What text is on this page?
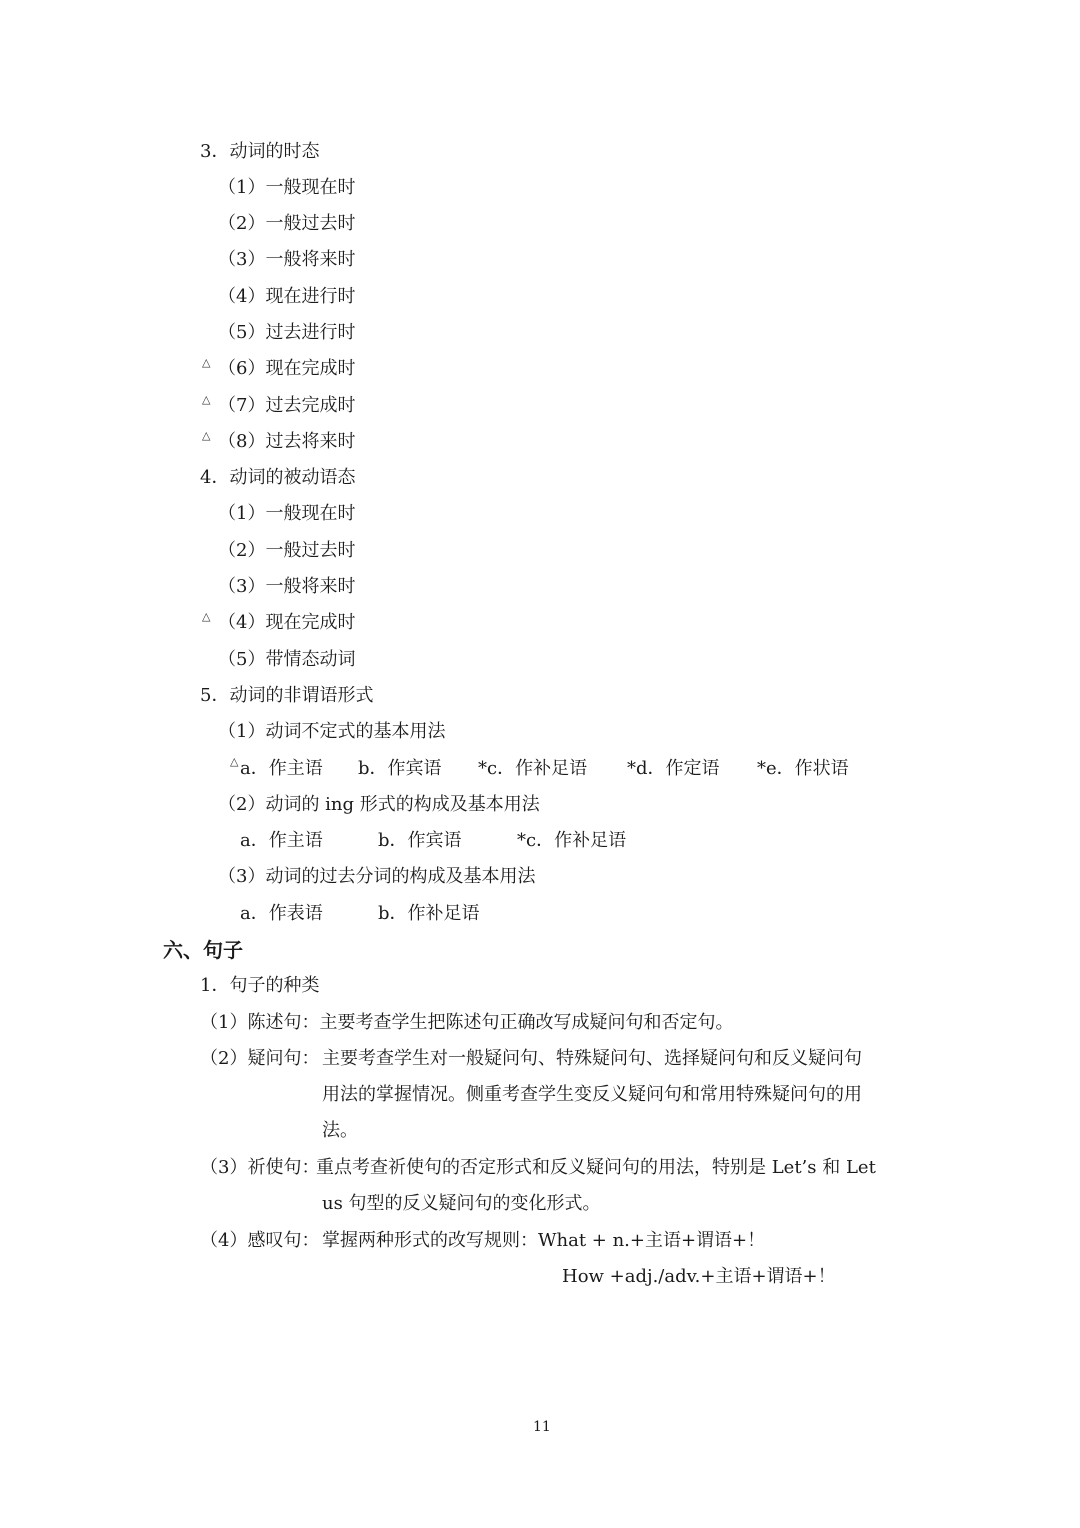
3．动词的时态
（1）一般现在时
（2）一般过去时
（3）一般将来时
（4）现在进行时
（5）过去进行时
△ （6）现在完成时
△ （7）过去完成时
△ （8）过去将来时
4．动词的被动语态
（1）一般现在时
（2）一般过去时
（3）一般将来时
△ （4）现在完成时
（5）带情态动词
5．动词的非谓语形式
（1）动词不定式的基本用法
△ a．作主语 b．作宾语 *c．作补足语 *d．作定语 *e．作状语
（2）动词的 ing 形式的构成及基本用法
a．作主语	b．作宾语	*c．作补足语
（3）动词的过去分词的构成及基本用法
a．作表语	b．作补足语
六、句子
1．句子的种类
（1）陈述句：主要考查学生把陈述句正确改写成疑问句和否定句。
（2）疑问句： 主要考查学生对一般疑问句、特殊疑问句、选择疑问句和反义疑问句
用法的掌握情况。侧重考查学生变反义疑问句和常用特殊疑问句的用
法。
（3）祈使句：
重点考查祈使句的否定形式和反义疑问句的用法，特别是 Let’s 和 Let
us 句型的反义疑问句的变化形式。
（4）感叹句： 掌握两种形式的改写规则：What + n.+主语+谓语+！
How +adj./adv.+主语+谓语+！
11
